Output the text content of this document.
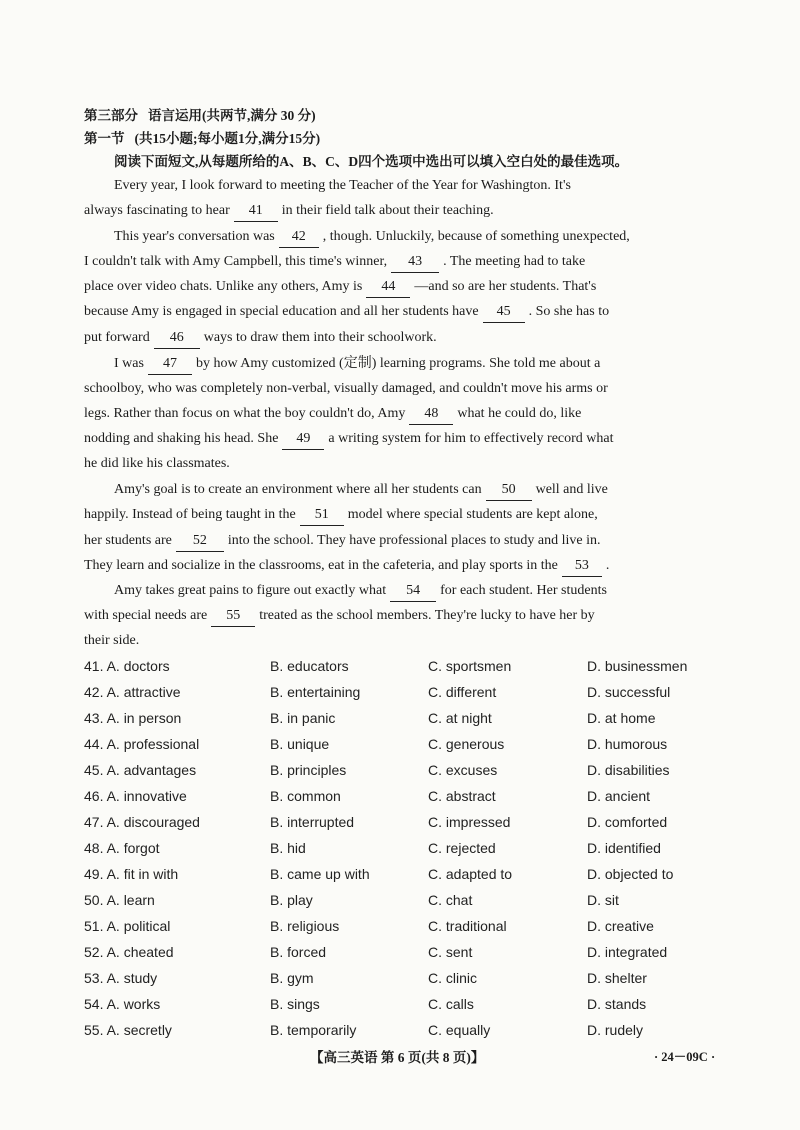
第三部分 语言运用(共两节,满分 30 分)
第一节 (共15小题;每小题1分,满分15分)
阅读下面短文,从每题所给的A、B、C、D四个选项中选出可以填入空白处的最佳选项。
Every year, I look forward to meeting the Teacher of the Year for Washington. It's
always fascinating to hear 41 in their field talk about their teaching.
This year's conversation was 42 , though. Unluckily, because of something unexpected,
I couldn't talk with Amy Campbell, this time's winner, 43 . The meeting had to take
place over video chats. Unlike any others, Amy is 44 —and so are her students. That's
because Amy is engaged in special education and all her students have 45 . So she has to
put forward 46 ways to draw them into their schoolwork.
I was 47 by how Amy customized (定制) learning programs. She told me about a
schoolboy, who was completely non-verbal, visually damaged, and couldn't move his arms or
legs. Rather than focus on what the boy couldn't do, Amy 48 what he could do, like
nodding and shaking his head. She 49 a writing system for him to effectively record what
he did like his classmates.
Amy's goal is to create an environment where all her students can 50 well and live
happily. Instead of being taught in the 51 model where special students are kept alone,
her students are 52 into the school. They have professional places to study and live in.
They learn and socialize in the classrooms, eat in the cafeteria, and play sports in the 53 .
Amy takes great pains to figure out exactly what 54 for each student. Her students
with special needs are 55 treated as the school members. They're lucky to have her by
their side.
41. A. doctors	B. educators	C. sportsmen	D. businessmen
42. A. attractive	B. entertaining	C. different	D. successful
43. A. in person	B. in panic	C. at night	D. at home
44. A. professional	B. unique	C. generous	D. humorous
45. A. advantages	B. principles	C. excuses	D. disabilities
46. A. innovative	B. common	C. abstract	D. ancient
47. A. discouraged	B. interrupted	C. impressed	D. comforted
48. A. forgot	B. hid	C. rejected	D. identified
49. A. fit in with	B. came up with	C. adapted to	D. objected to
50. A. learn	B. play	C. chat	D. sit
51. A. political	B. religious	C. traditional	D. creative
52. A. cheated	B. forced	C. sent	D. integrated
53. A. study	B. gym	C. clinic	D. shelter
54. A. works	B. sings	C. calls	D. stands
55. A. secretly	B. temporarily	C. equally	D. rudely
【高三英语 第 6 页(共 8 页)】	· 24－09C ·
